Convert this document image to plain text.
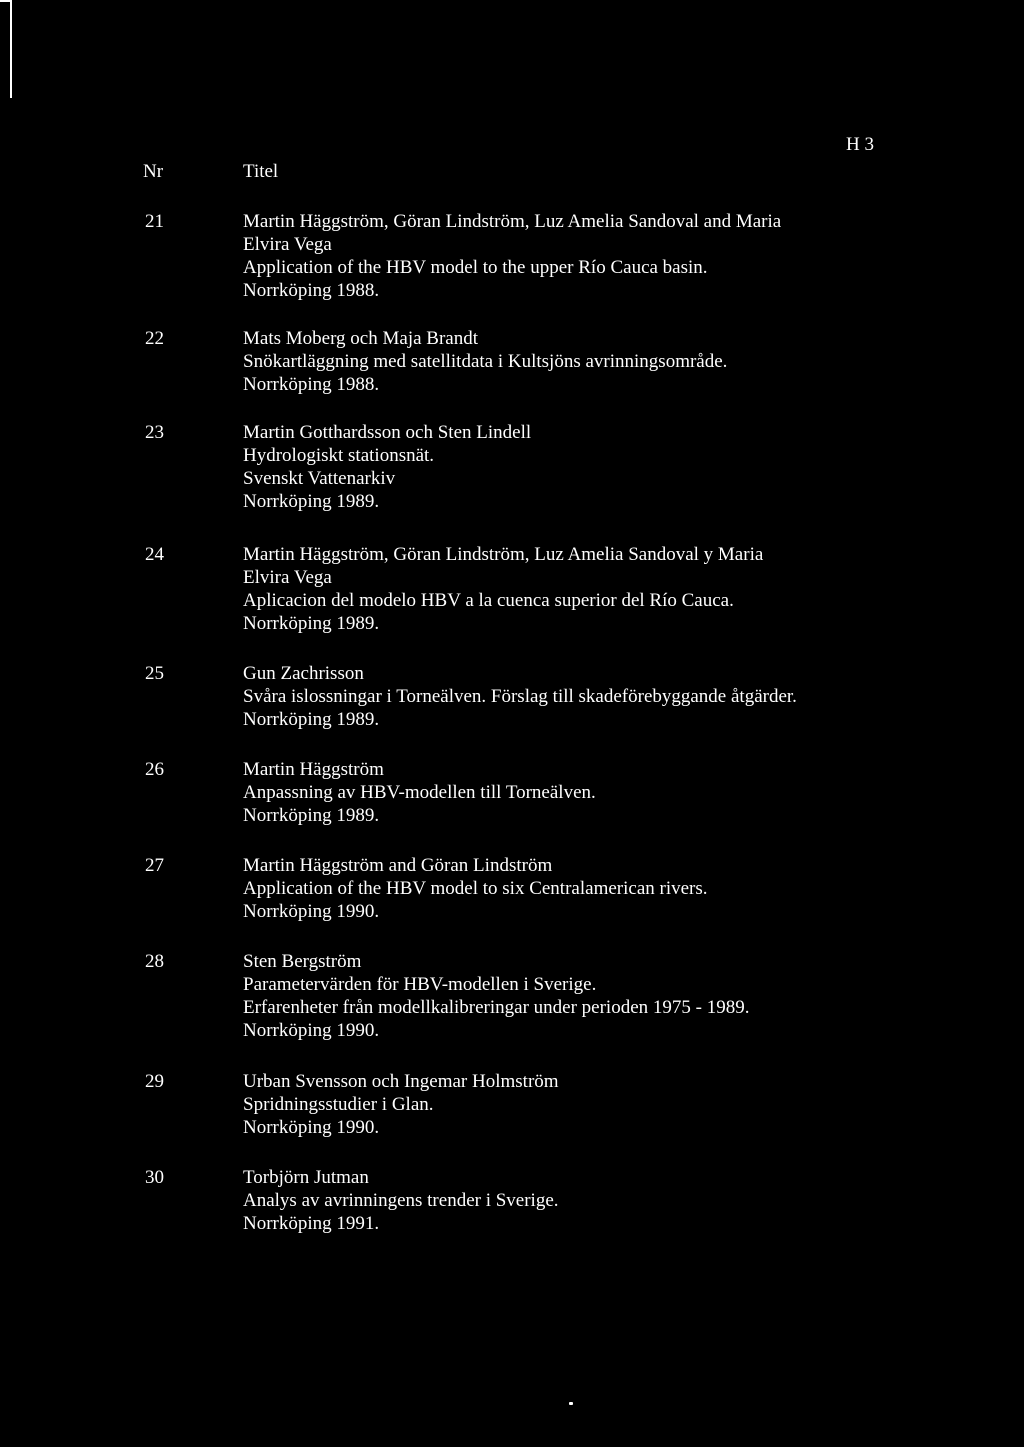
H 3
Nr	Titel
21	Martin Häggström, Göran Lindström, Luz Amelia Sandoval and Maria
Elvira Vega
Application of the HBV model to the upper Río Cauca basin.
Norrköping 1988.
22	Mats Moberg och Maja Brandt
Snökartläggning med satellitdata i Kultsjöns avrinningsområde.
Norrköping 1988.
23	Martin Gotthardsson och Sten Lindell
Hydrologiskt stationsnät.
Svenskt Vattenarkiv
Norrköping 1989.
24	Martin Häggström, Göran Lindström, Luz Amelia Sandoval y Maria
Elvira Vega
Aplicacion del modelo HBV a la cuenca superior del Río Cauca.
Norrköping 1989.
25	Gun Zachrisson
Svåra islossningar i Torneälven. Förslag till skadeförebyggande åtgärder.
Norrköping 1989.
26	Martin Häggström
Anpassning av HBV-modellen till Torneälven.
Norrköping 1989.
27	Martin Häggström and Göran Lindström
Application of the HBV model to six Centralamerican rivers.
Norrköping 1990.
28	Sten Bergström
Parametervärden för HBV-modellen i Sverige.
Erfarenheter från modellkalibreringar under perioden 1975 - 1989.
Norrköping 1990.
29	Urban Svensson och Ingemar Holmström
Spridningsstudier i Glan.
Norrköping 1990.
30	Torbjörn Jutman
Analys av avrinningens trender i Sverige.
Norrköping 1991.
